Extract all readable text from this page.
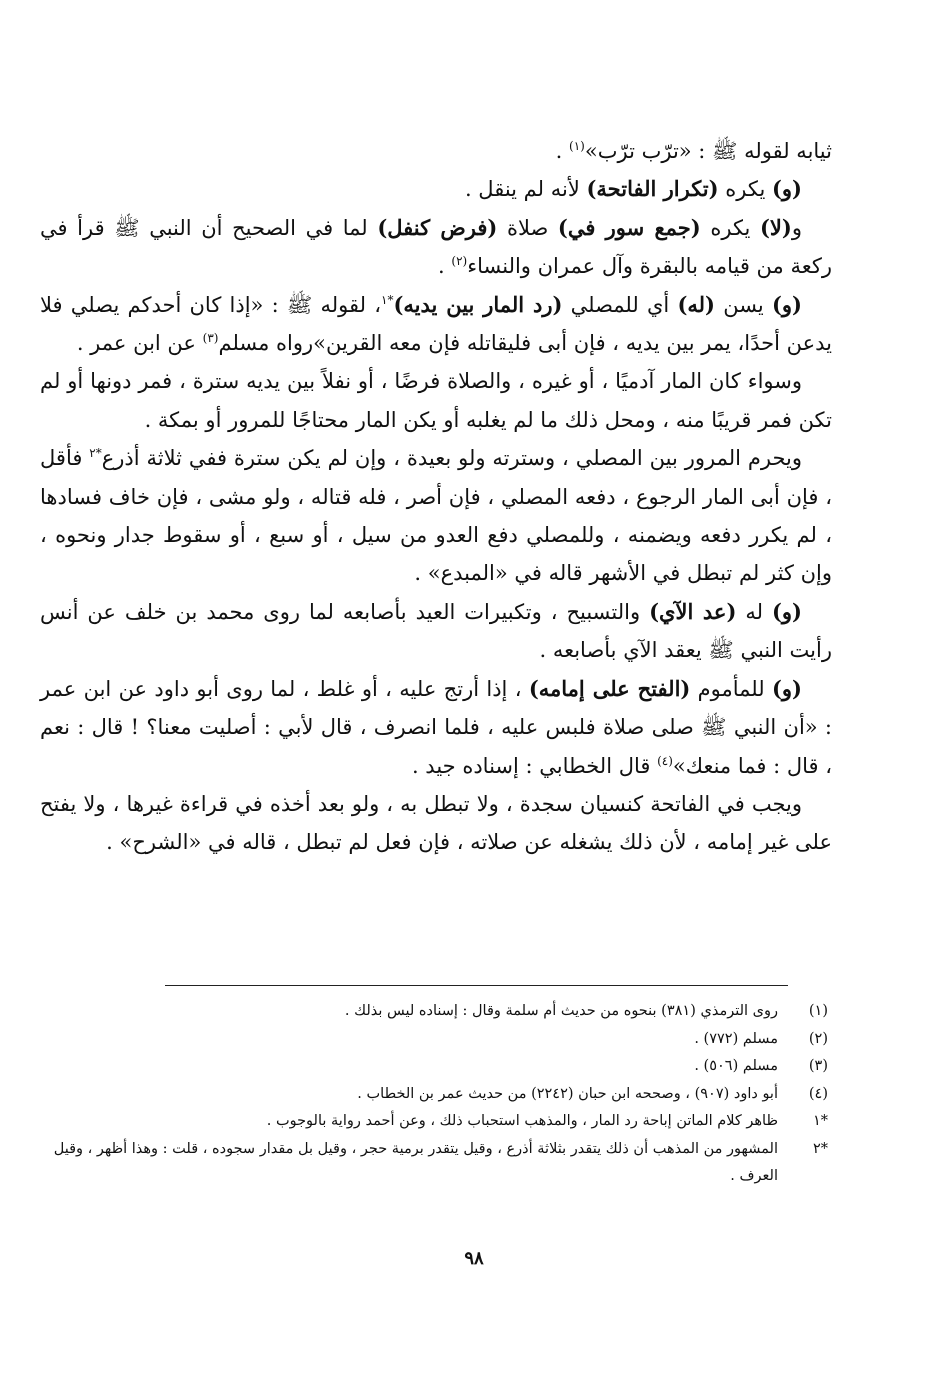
ثيابه لقوله ﷺ : «ترّب ترّب»$^{(١)}$ .

(و) يكره (تكرار الفاتحة) لأنه لم ينقل .

و(لا) يكره (جمع سور في) صلاة (فرض كنفل) لما في الصحيح أن النبي ﷺ قرأ في ركعة من قيامه بالبقرة وآل عمران والنساء$^{(٢)}$ .

(و) يسن (له) أي للمصلي (رد المار بين يديه)$^{*١}$، لقوله ﷺ : «إذا كان أحدكم يصلي فلا يدعن أحدًا، يمر بين يديه ، فإن أبى فليقاتله فإن معه القرين»رواه مسلم$^{(٣)}$ عن ابن عمر .

وسواء كان المار آدميًا ، أو غيره ، والصلاة فرضًا ، أو نفلاً بين يديه سترة ، فمر دونها أو لم تكن فمر قريبًا منه ، ومحل ذلك ما لم يغلبه أو يكن المار محتاجًا للمرور أو بمكة .

ويحرم المرور بين المصلي ، وسترته ولو بعيدة ، وإن لم يكن سترة ففي ثلاثة أذرع$^{*٢}$ فأقل ، فإن أبى المار الرجوع ، دفعه المصلي ، فإن أصر ، فله قتاله ، ولو مشى ، فإن خاف فسادها ، لم يكرر دفعه ويضمنه ، وللمصلي دفع العدو من سيل ، أو سبع ، أو سقوط جدار ونحوه ، وإن كثر لم تبطل في الأشهر قاله في «المبدع» .

(و) له (عد الآي) والتسبيح ، وتكبيرات العيد بأصابعه لما روى محمد بن خلف عن أنس رأيت النبي ﷺ يعقد الآي بأصابعه .

(و) للمأموم (الفتح على إمامه) ، إذا أرتج عليه ، أو غلط ، لما روى أبو داود عن ابن عمر : «أن النبي ﷺ صلى صلاة فلبس عليه ، فلما انصرف ، قال لأبي : أصليت معنا؟ ! قال : نعم ، قال : فما منعك»$^{(٤)}$ قال الخطابي : إسناده جيد .

ويجب في الفاتحة كنسيان سجدة ، ولا تبطل به ، ولو بعد أخذه في قراءة غيرها ، ولا يفتح على غير إمامه ، لأن ذلك يشغله عن صلاته ، فإن فعل لم تبطل ، قاله في «الشرح» .

(١)
روى الترمذي (٣٨١) بنحوه من حديث أم سلمة وقال : إسناده ليس بذلك .
(٢)
مسلم (٧٧٢) .
(٣)
مسلم (٥٠٦) .
(٤)
أبو داود (٩٠٧) ، وصححه ابن حبان (٢٢٤٢) من حديث عمر بن الخطاب .
*١
ظاهر كلام الماتن إباحة رد المار ، والمذهب استحباب ذلك ، وعن أحمد رواية بالوجوب .
*٢
المشهور من المذهب أن ذلك يتقدر بثلاثة أذرع ، وقيل يتقدر برمية حجر ، وقيل بل مقدار سجوده ، قلت : وهذا أظهر ، وقيل العرف .
٩٨
